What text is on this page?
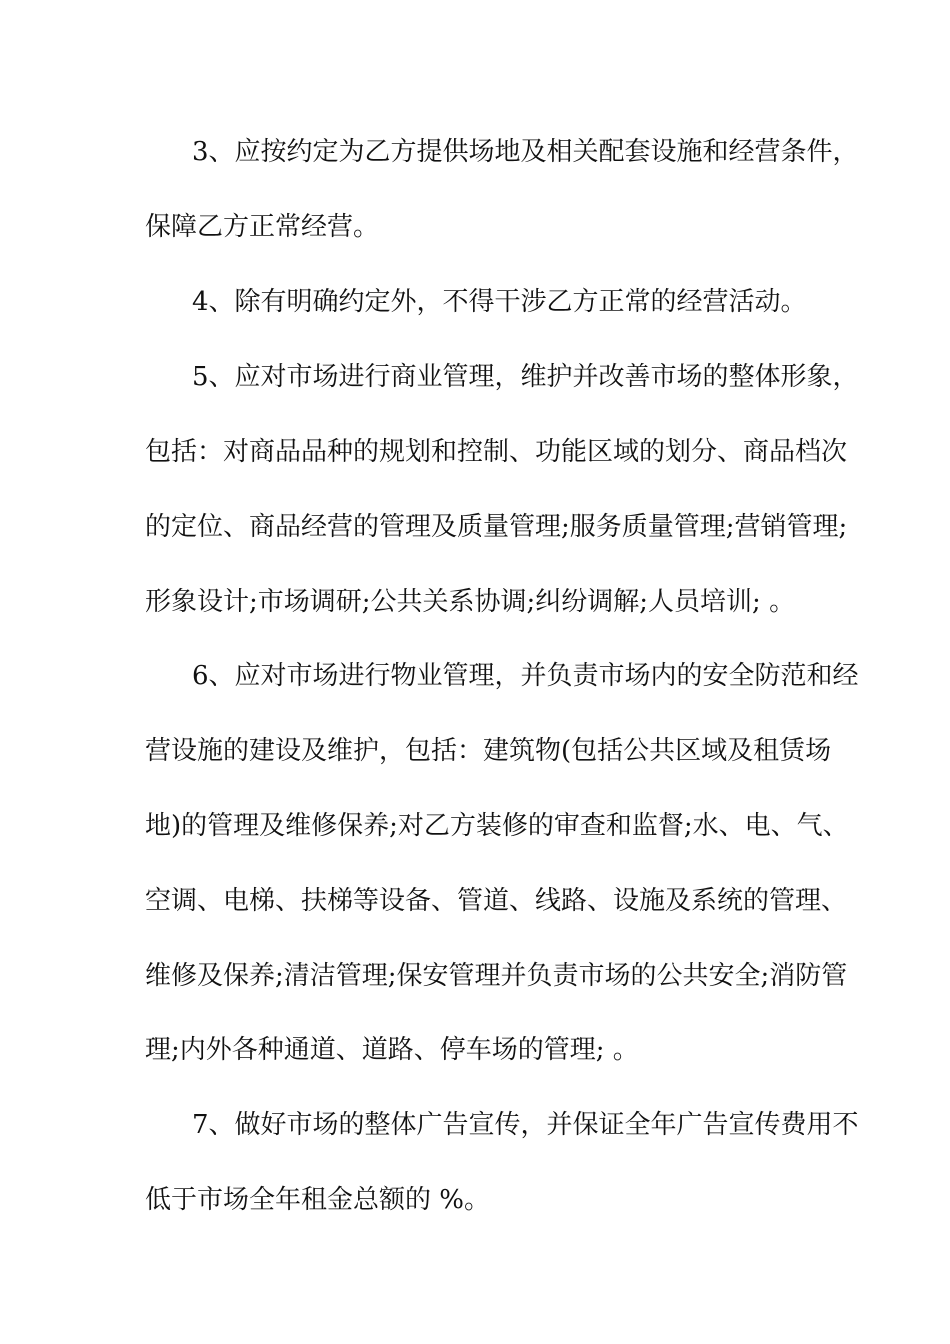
3、应按约定为乙方提供场地及相关配套设施和经营条件，
保障乙方正常经营。
4、除有明确约定外，不得干涉乙方正常的经营活动。
5、应对市场进行商业管理，维护并改善市场的整体形象，
包括：对商品品种的规划和控制、功能区域的划分、商品档次
的定位、商品经营的管理及质量管理;服务质量管理;营销管理;
形象设计;市场调研;公共关系协调;纠纷调解;人员培训; 。
6、应对市场进行物业管理，并负责市场内的安全防范和经
营设施的建设及维护，包括：建筑物(包括公共区域及租赁场
地)的管理及维修保养;对乙方装修的审查和监督;水、电、气、
空调、电梯、扶梯等设备、管道、线路、设施及系统的管理、
维修及保养;清洁管理;保安管理并负责市场的公共安全;消防管
理;内外各种通道、道路、停车场的管理; 。
7、做好市场的整体广告宣传，并保证全年广告宣传费用不
低于市场全年租金总额的 %。
